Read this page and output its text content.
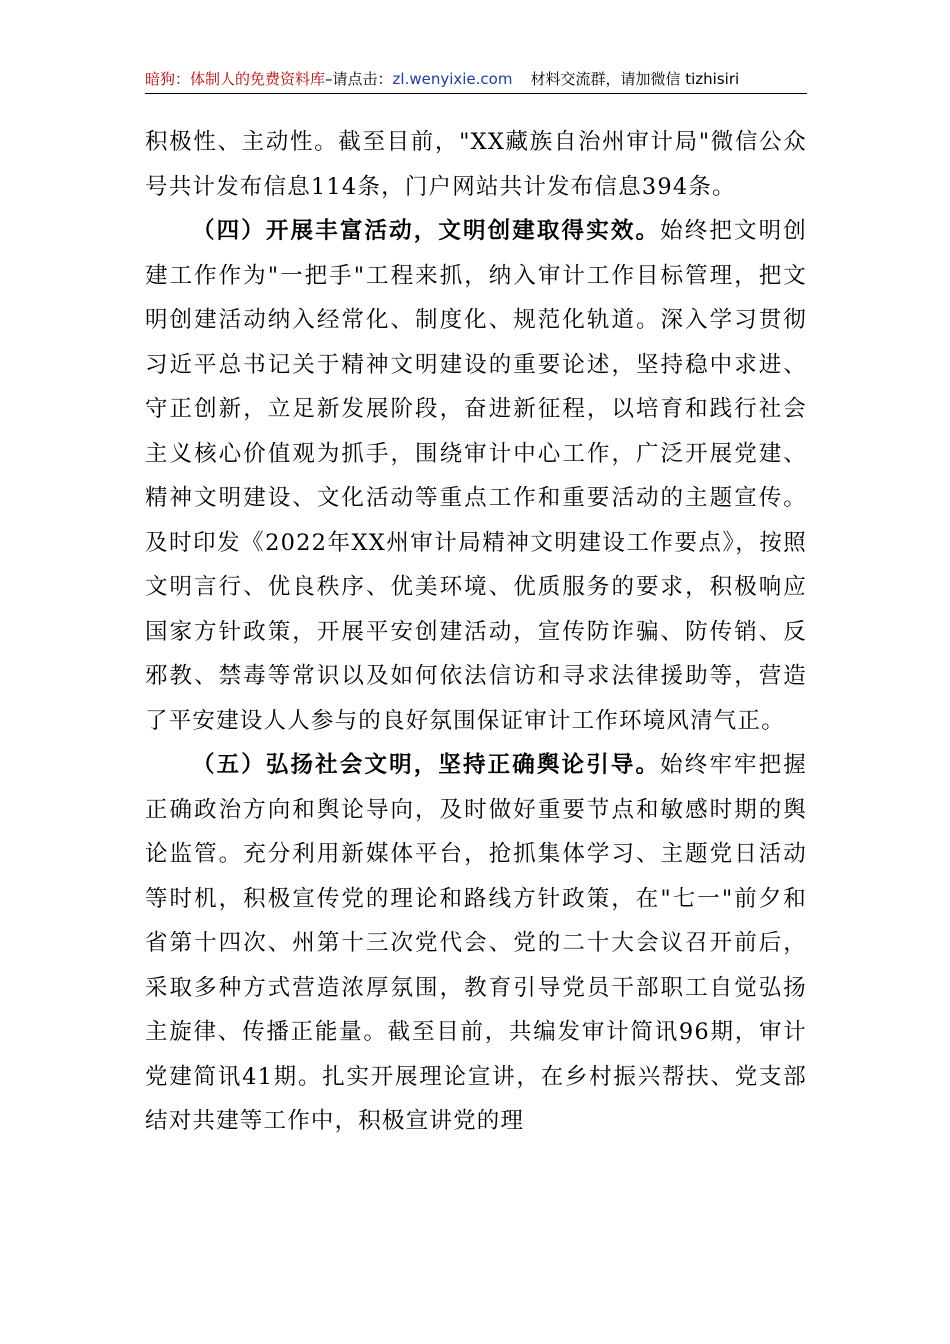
暗狗：体制人的免费资料库–请点击：zl.wenyixie.com 材料交流群，请加微信 tizhisiri

积极性、主动性。截至目前，"XX藏族自治州审计局"微信公众号共计发布信息114条，门户网站共计发布信息394条。

（四）开展丰富活动，文明创建取得实效。始终把文明创建工作作为"一把手"工程来抓，纳入审计工作目标管理，把文明创建活动纳入经常化、制度化、规范化轨道。深入学习贯彻习近平总书记关于精神文明建设的重要论述，坚持稳中求进、守正创新，立足新发展阶段，奋进新征程，以培育和践行社会主义核心价值观为抓手，围绕审计中心工作，广泛开展党建、精神文明建设、文化活动等重点工作和重要活动的主题宣传。及时印发《2022年XX州审计局精神文明建设工作要点》，按照文明言行、优良秩序、优美环境、优质服务的要求，积极响应国家方针政策，开展平安创建活动，宣传防诈骗、防传销、反邪教、禁毒等常识以及如何依法信访和寻求法律援助等，营造了平安建设人人参与的良好氛围保证审计工作环境风清气正。

（五）弘扬社会文明，坚持正确舆论引导。始终牢牢把握正确政治方向和舆论导向，及时做好重要节点和敏感时期的舆论监管。充分利用新媒体平台，抢抓集体学习、主题党日活动等时机，积极宣传党的理论和路线方针政策，在"七一"前夕和省第十四次、州第十三次党代会、党的二十大会议召开前后，采取多种方式营造浓厚氛围，教育引导党员干部职工自觉弘扬主旋律、传播正能量。截至目前，共编发审计简讯96期，审计党建简讯41期。扎实开展理论宣讲，在乡村振兴帮扶、党支部结对共建等工作中，积极宣讲党的理
